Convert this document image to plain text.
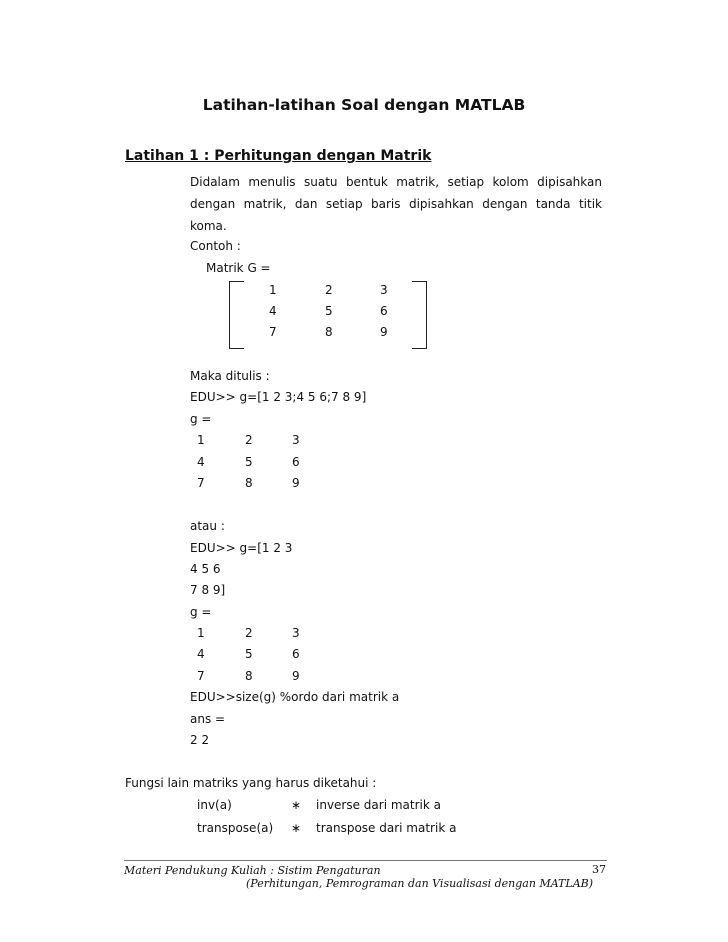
Latihan-latihan Soal dengan MATLAB
Latihan 1 : Perhitungan dengan Matrik
Didalam menulis suatu bentuk matrik, setiap kolom dipisahkan dengan matrik, dan setiap baris dipisahkan dengan tanda titik koma.
Contoh :
Matrik G =
1	2	3
4	5	6
7	8	9
Maka ditulis :
EDU>> g=[1 2 3;4 5 6;7 8 9]
g =
1	2	3
4	5	6
7	8	9
atau :
EDU>> g=[1 2 3
4 5 6
7 8 9]
g =
1	2	3
4	5	6
7	8	9
EDU>>size(g) %ordo dari matrik a
ans =
2 2
Fungsi lain matriks yang harus diketahui :
inv(a)	∗ inverse dari matrik a
transpose(a) ∗ transpose dari matrik a
Materi Pendukung Kuliah : Sistim Pengaturan
(Perhitungan, Pemrograman dan Visualisasi dengan MATLAB)
37
